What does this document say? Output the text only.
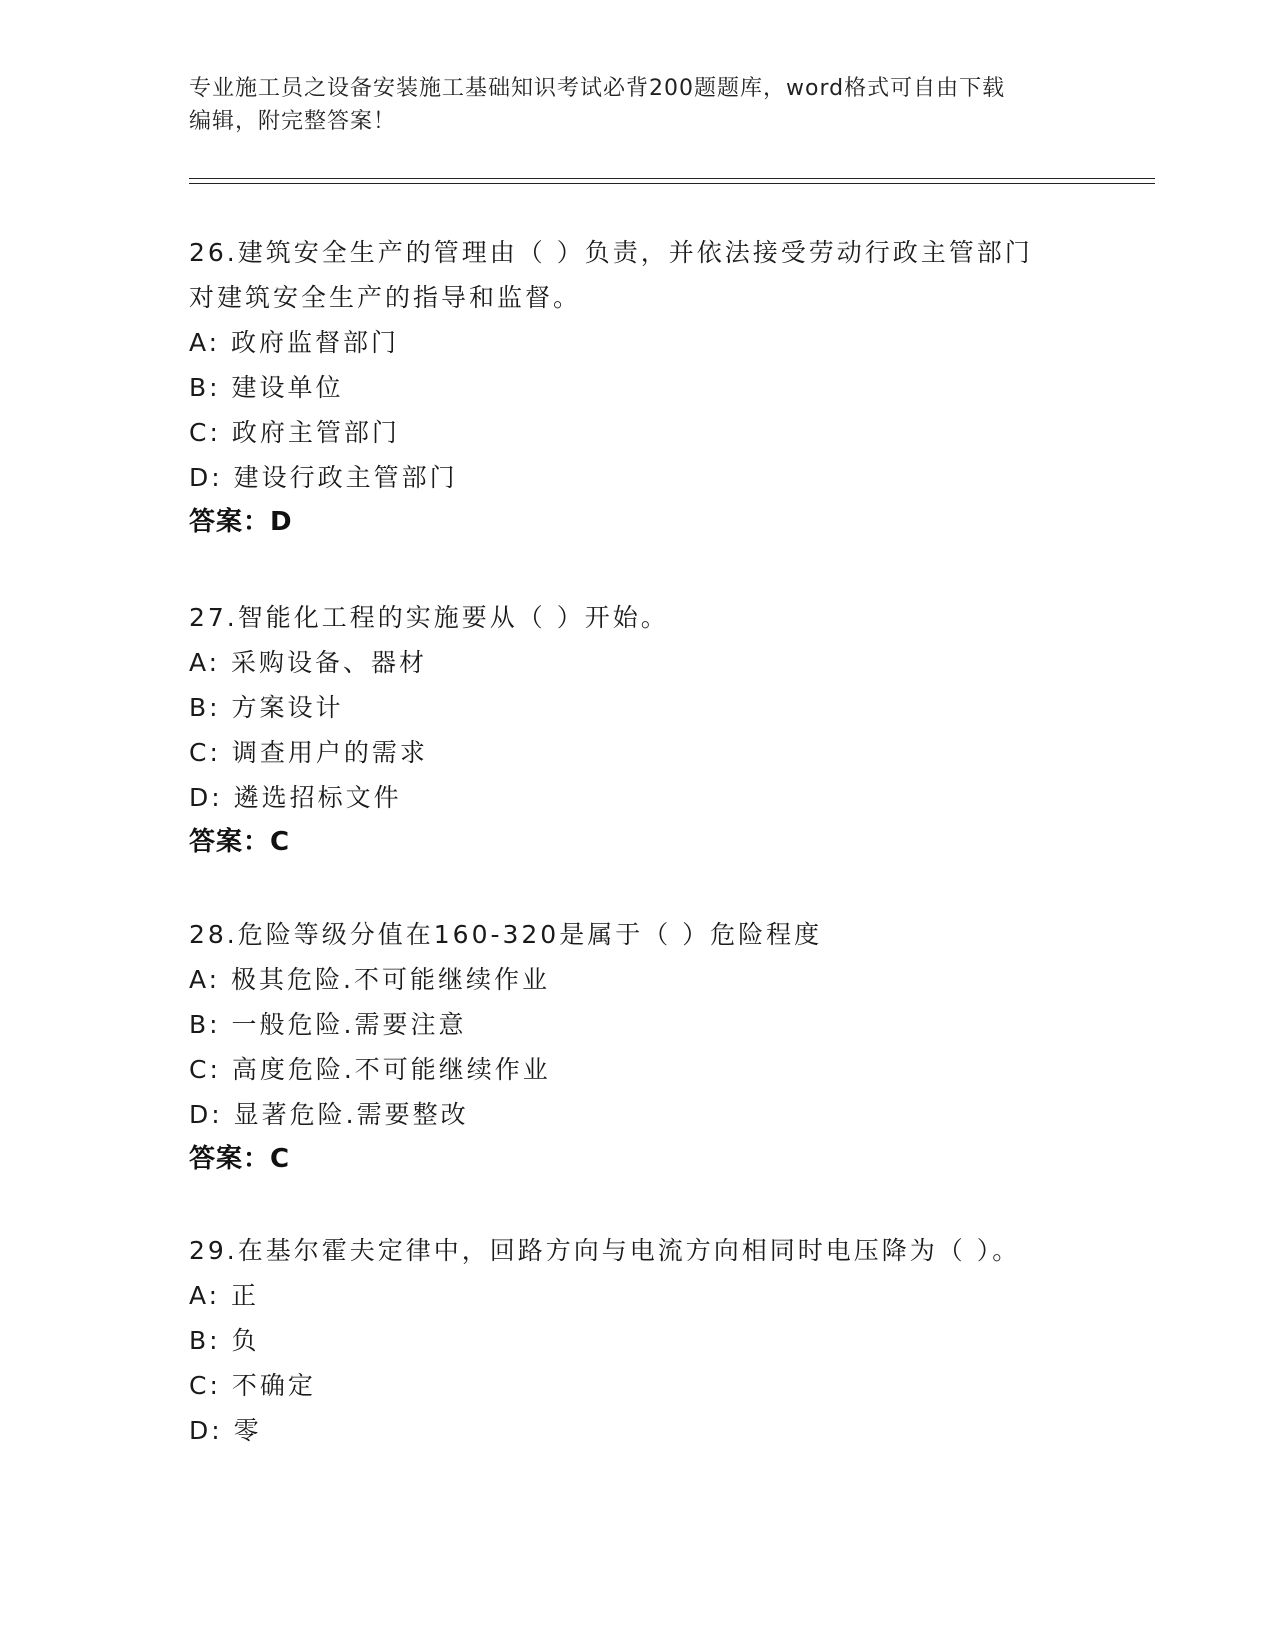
专业施工员之设备安装施工基础知识考试必背200题题库，word格式可自由下载
编辑，附完整答案！
26.建筑安全生产的管理由（ ）负责，并依法接受劳动行政主管部门
对建筑安全生产的指导和监督。
A: 政府监督部门
B: 建设单位
C: 政府主管部门
D: 建设行政主管部门
答案：D
27.智能化工程的实施要从（ ）开始。
A: 采购设备、器材
B: 方案设计
C: 调查用户的需求
D: 遴选招标文件
答案：C
28.危险等级分值在160-320是属于（ ）危险程度
A: 极其危险.不可能继续作业
B: 一般危险.需要注意
C: 高度危险.不可能继续作业
D: 显著危险.需要整改
答案：C
29.在基尔霍夫定律中，回路方向与电流方向相同时电压降为（ ）。
A: 正
B: 负
C: 不确定
D: 零
